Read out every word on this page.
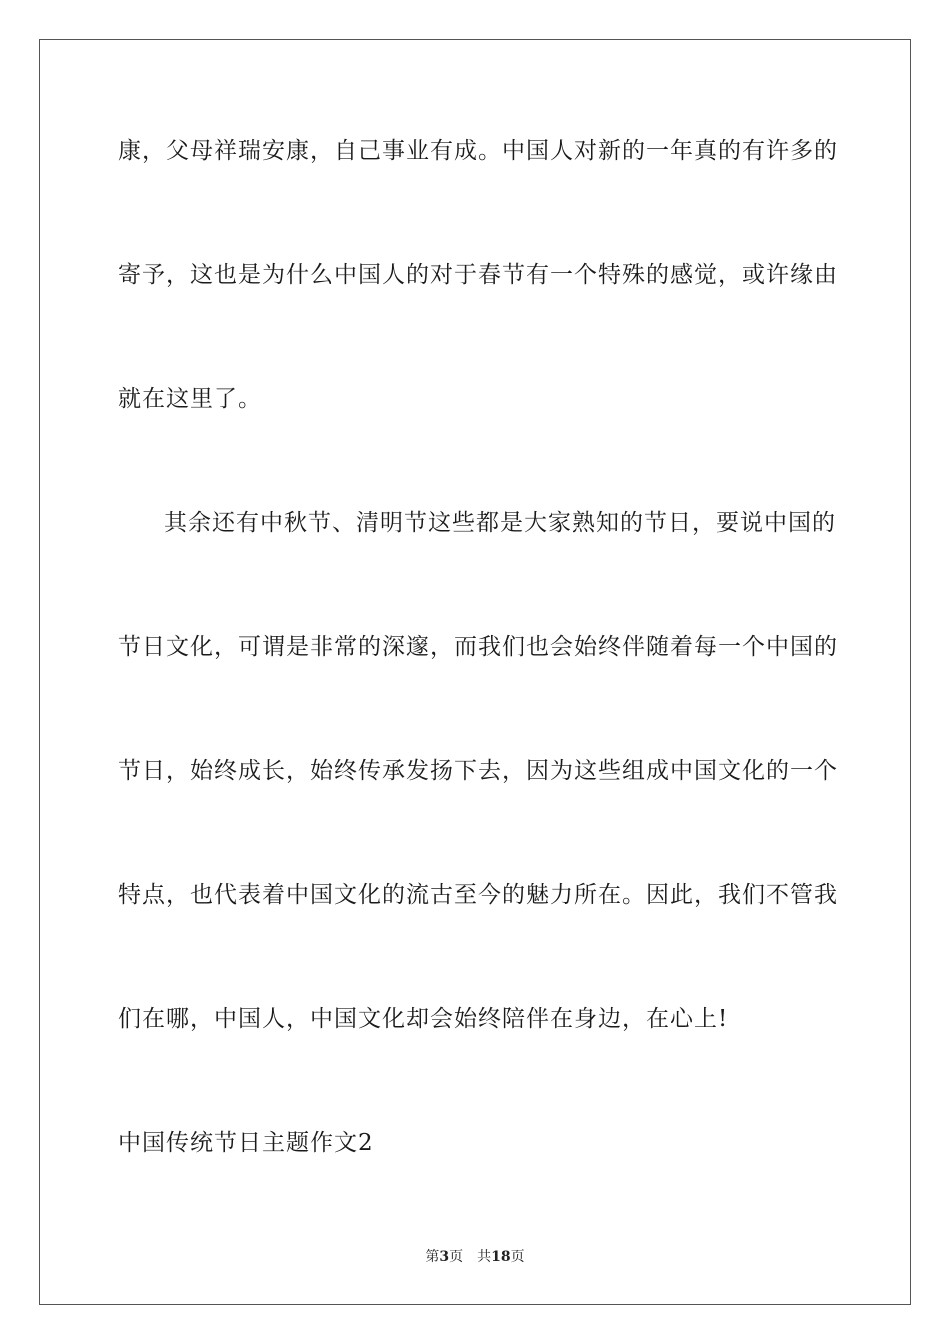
康，父母祥瑞安康，自己事业有成。中国人对新的一年真的有许多的
寄予，这也是为什么中国人的对于春节有一个特殊的感觉，或许缘由
就在这里了。
其余还有中秋节、清明节这些都是大家熟知的节日，要说中国的
节日文化，可谓是非常的深邃，而我们也会始终伴随着每一个中国的
节日，始终成长，始终传承发扬下去，因为这些组成中国文化的一个
特点，也代表着中国文化的流古至今的魅力所在。因此，我们不管我
们在哪，中国人，中国文化却会始终陪伴在身边，在心上!
中国传统节日主题作文2
第3页 共18页
